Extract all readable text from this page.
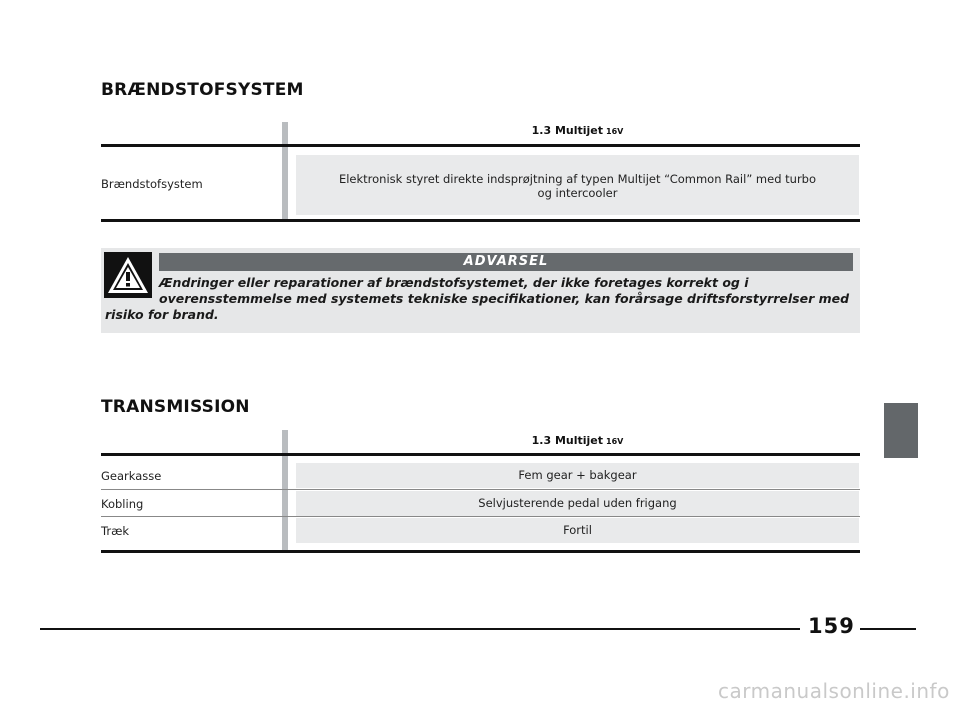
BRÆNDSTOFSYSTEM
1.3 Multijet 16V
Brændstofsystem	Elektronisk styret direkte indsprøjtning af typen Multijet “Common Rail” med turbo
og intercooler
ADVARSEL
Ændringer eller reparationer af brændstofsystemet, der ikke foretages korrekt og i
overensstemmelse med systemets tekniske specifikationer, kan forårsage driftsforstyrrelser med
risiko for brand.
TRANSMISSION
1.3 Multijet 16V
Gearkasse	Fem gear + bakgear
Kobling	Selvjusterende pedal uden frigang
Træk	Fortil
159
carmanualsonline.info
